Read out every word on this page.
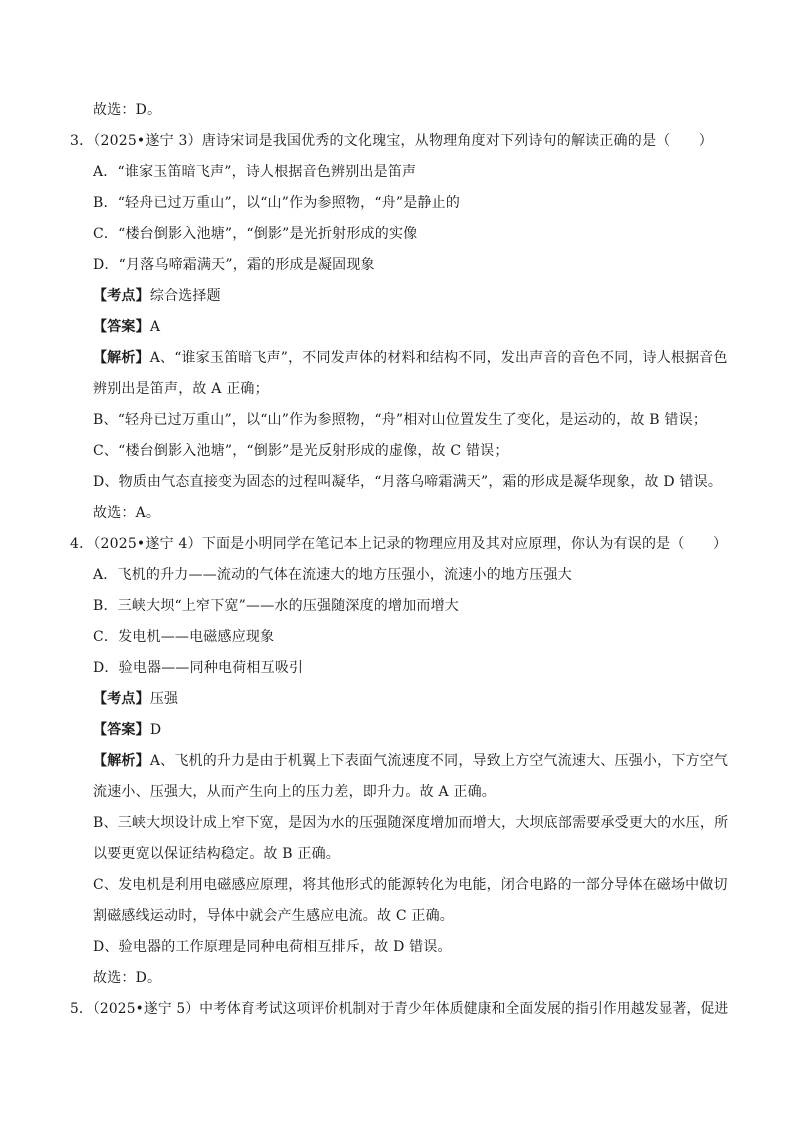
故选：D。
3．（2025•遂宁 3）唐诗宋词是我国优秀的文化瑰宝，从物理角度对下列诗句的解读正确的是（　　）
A．“谁家玉笛暗飞声”，诗人根据音色辨别出是笛声
B．“轻舟已过万重山”，以“山”作为参照物，“舟”是静止的
C．“楼台倒影入池塘”，“倒影”是光折射形成的实像
D．“月落乌啼霜满天”，霜的形成是凝固现象
【考点】综合选择题
【答案】A
【解析】A、“谁家玉笛暗飞声”，不同发声体的材料和结构不同，发出声音的音色不同，诗人根据音色
辨别出是笛声，故 A 正确；
B、“轻舟已过万重山”，以“山”作为参照物，“舟”相对山位置发生了变化，是运动的，故 B 错误；
C、“楼台倒影入池塘”，“倒影”是光反射形成的虚像，故 C 错误；
D、物质由气态直接变为固态的过程叫凝华，“月落乌啼霜满天”，霜的形成是凝华现象，故 D 错误。
故选：A。
4．（2025•遂宁 4）下面是小明同学在笔记本上记录的物理应用及其对应原理，你认为有误的是（　　）
A．飞机的升力——流动的气体在流速大的地方压强小，流速小的地方压强大
B．三峡大坝“上窄下宽”——水的压强随深度的增加而增大
C．发电机——电磁感应现象
D．验电器——同种电荷相互吸引
【考点】压强
【答案】D
【解析】A、飞机的升力是由于机翼上下表面气流速度不同，导致上方空气流速大、压强小，下方空气
流速小、压强大，从而产生向上的压力差，即升力。故 A 正确。
B、三峡大坝设计成上窄下宽，是因为水的压强随深度增加而增大，大坝底部需要承受更大的水压，所
以要更宽以保证结构稳定。故 B 正确。
C、发电机是利用电磁感应原理，将其他形式的能源转化为电能，闭合电路的一部分导体在磁场中做切
割磁感线运动时，导体中就会产生感应电流。故 C 正确。
D、验电器的工作原理是同种电荷相互排斥，故 D 错误。
故选：D。
5．（2025•遂宁 5）中考体育考试这项评价机制对于青少年体质健康和全面发展的指引作用越发显著，促进
